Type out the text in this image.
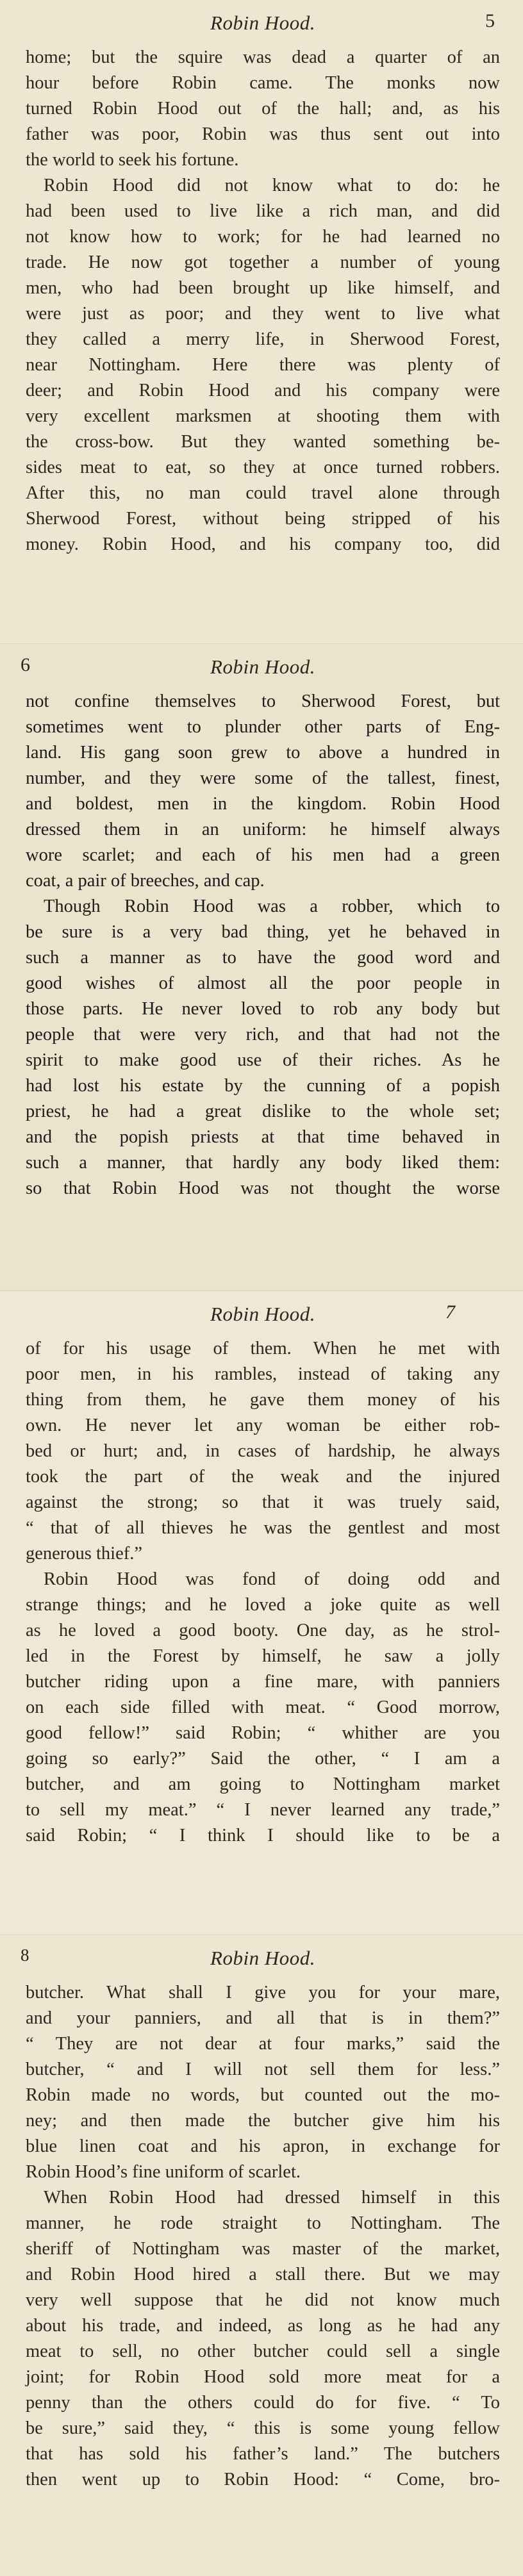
Robin Hood.	5
home; but the squire was dead a quarter of an
hour before Robin came. The monks now
turned Robin Hood out of the hall; and, as his
father was poor, Robin was thus sent out into
the world to seek his fortune.
Robin Hood did not know what to do: he
had been used to live like a rich man, and did
not know how to work; for he had learned no
trade. He now got together a number of young
men, who had been brought up like himself, and
were just as poor; and they went to live what
they called a merry life, in Sherwood Forest,
near Nottingham. Here there was plenty of
deer; and Robin Hood and his company were
very excellent marksmen at shooting them with
the cross-bow. But they wanted something be-
sides meat to eat, so they at once turned robbers.
After this, no man could travel alone through
Sherwood Forest, without being stripped of his
money. Robin Hood, and his company too, did
6	Robin Hood.
not confine themselves to Sherwood Forest, but
sometimes went to plunder other parts of Eng-
land. His gang soon grew to above a hundred in
number, and they were some of the tallest, finest,
and boldest, men in the kingdom. Robin Hood
dressed them in an uniform: he himself always
wore scarlet; and each of his men had a green
coat, a pair of breeches, and cap.
Though Robin Hood was a robber, which to
be sure is a very bad thing, yet he behaved in
such a manner as to have the good word and
good wishes of almost all the poor people in
those parts. He never loved to rob any body but
people that were very rich, and that had not the
spirit to make good use of their riches. As he
had lost his estate by the cunning of a popish
priest, he had a great dislike to the whole set;
and the popish priests at that time behaved in
such a manner, that hardly any body liked them:
so that Robin Hood was not thought the worse
Robin Hood.	7
of for his usage of them. When he met with
poor men, in his rambles, instead of taking any
thing from them, he gave them money of his
own. He never let any woman be either rob-
bed or hurt; and, in cases of hardship, he always
took the part of the weak and the injured
against the strong; so that it was truely said,
“ that of all thieves he was the gentlest and most
generous thief.”
Robin Hood was fond of doing odd and
strange things; and he loved a joke quite as well
as he loved a good booty. One day, as he strol-
led in the Forest by himself, he saw a jolly
butcher riding upon a fine mare, with panniers
on each side filled with meat. “ Good morrow,
good fellow!” said Robin; “ whither are you
going so early?” Said the other, “ I am a
butcher, and am going to Nottingham market
to sell my meat.” “ I never learned any trade,”
said Robin; “ I think I should like to be a
8	Robin Hood.
butcher. What shall I give you for your mare,
and your panniers, and all that is in them?”
“ They are not dear at four marks,” said the
butcher, “ and I will not sell them for less.”
Robin made no words, but counted out the mo-
ney; and then made the butcher give him his
blue linen coat and his apron, in exchange for
Robin Hood’s fine uniform of scarlet.
When Robin Hood had dressed himself in this
manner, he rode straight to Nottingham. The
sheriff of Nottingham was master of the market,
and Robin Hood hired a stall there. But we may
very well suppose that he did not know much
about his trade, and indeed, as long as he had any
meat to sell, no other butcher could sell a single
joint; for Robin Hood sold more meat for a
penny than the others could do for five. “ To
be sure,” said they, “ this is some young fellow
that has sold his father’s land.” The butchers
then went up to Robin Hood: “ Come, bro-
